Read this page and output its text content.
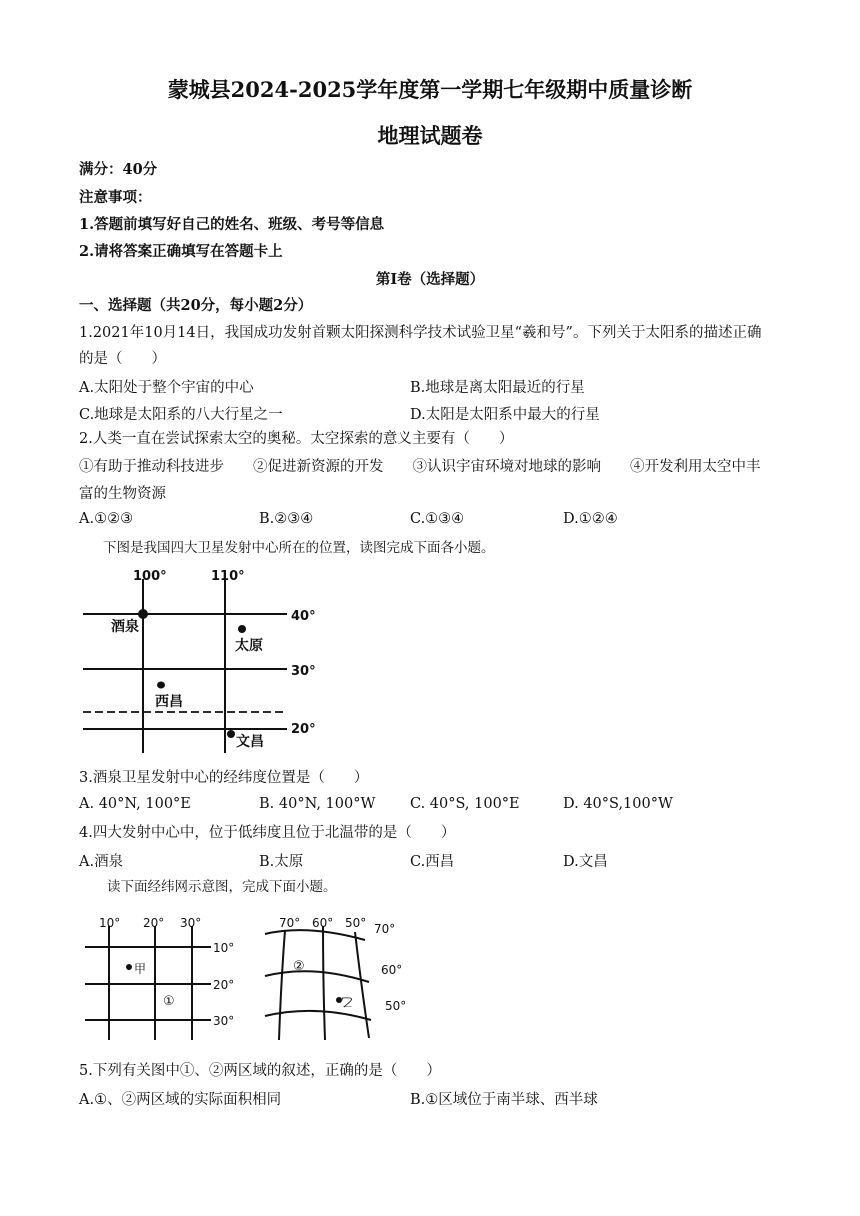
蒙城县2024-2025学年度第一学期七年级期中质量诊断
地理试题卷
满分：40分
注意事项：
1.答题前填写好自己的姓名、班级、考号等信息
2.请将答案正确填写在答题卡上
第I卷（选择题）
一、选择题（共20分，每小题2分）
1.2021年10月14日，我国成功发射首颗太阳探测科学技术试验卫星“羲和号”。下列关于太阳系的描述正确
的是（　　）
A.太阳处于整个宇宙的中心	B.地球是离太阳最近的行星
C.地球是太阳系的八大行星之一	D.太阳是太阳系中最大的行星
2.人类一直在尝试探索太空的奥秘。太空探索的意义主要有（　　）
①有助于推动科技进步　　②促进新资源的开发　　③认识宇宙环境对地球的影响　　④开发利用太空中丰
富的生物资源
A.①②③	B.②③④	C.①③④	D.①②④
下图是我国四大卫星发射中心所在的位置，读图完成下面各小题。
100°	110°
40°
30°
20°
酒泉
太原
西昌
文昌
3.酒泉卫星发射中心的经纬度位置是（　　）
A. 40°N, 100°E	B. 40°N, 100°W C. 40°S, 100°E	D. 40°S,100°W
4.四大发射中心中，位于低纬度且位于北温带的是（　　）
A.酒泉	B.太原	C.西昌	D.文昌
读下面经纬网示意图，完成下面小题。
10° 20° 30°
10°
20°
30°
甲
①
70° 60° 50° 70°
60°
50°
②
乙
5.下列有关图中①、②两区域的叙述，正确的是（　　）
A.①、②两区域的实际面积相同	B.①区域位于南半球、西半球
